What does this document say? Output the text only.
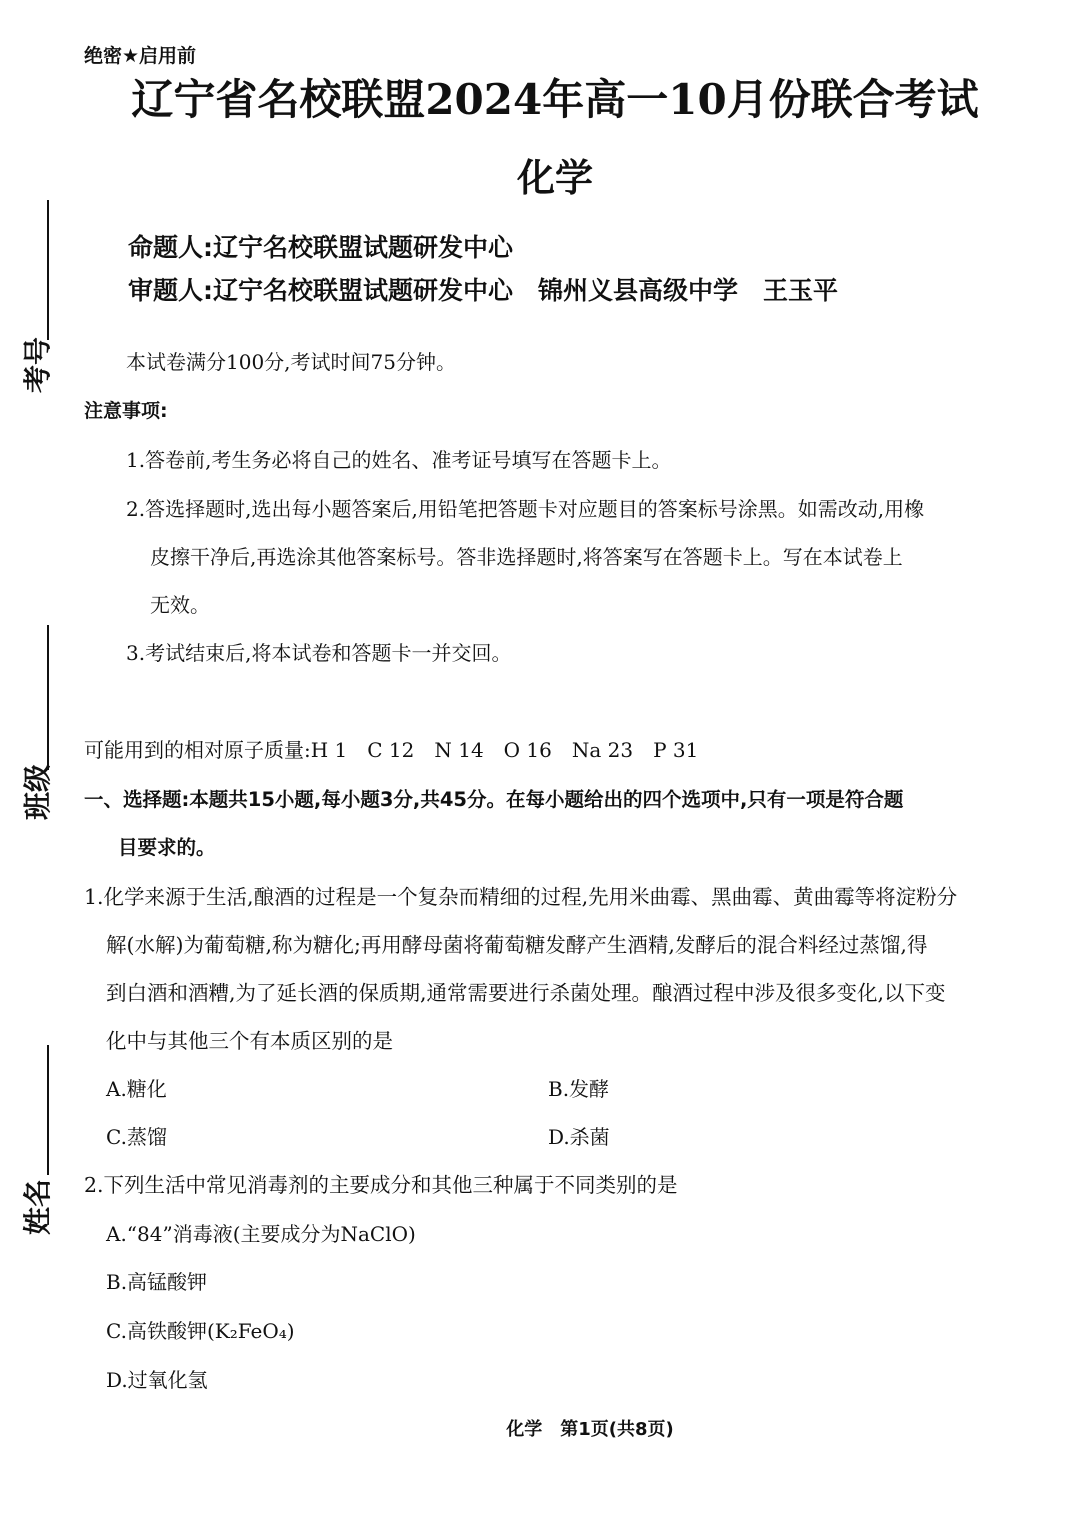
考号
班级
姓名
绝密★启用前
辽宁省名校联盟2024年高一10月份联合考试
化学
命题人:辽宁名校联盟试题研发中心
审题人:辽宁名校联盟试题研发中心　锦州义县高级中学　王玉平
本试卷满分100分,考试时间75分钟。
注意事项:
1.答卷前,考生务必将自己的姓名、准考证号填写在答题卡上。
2.答选择题时,选出每小题答案后,用铅笔把答题卡对应题目的答案标号涂黑。如需改动,用橡
皮擦干净后,再选涂其他答案标号。答非选择题时,将答案写在答题卡上。写在本试卷上
无效。
3.考试结束后,将本试卷和答题卡一并交回。
可能用到的相对原子质量:H 1　C 12　N 14　O 16　Na 23　P 31
一、选择题:本题共15小题,每小题3分,共45分。在每小题给出的四个选项中,只有一项是符合题
目要求的。
1.化学来源于生活,酿酒的过程是一个复杂而精细的过程,先用米曲霉、黑曲霉、黄曲霉等将淀粉分
解(水解)为葡萄糖,称为糖化;再用酵母菌将葡萄糖发酵产生酒精,发酵后的混合料经过蒸馏,得
到白酒和酒糟,为了延长酒的保质期,通常需要进行杀菌处理。酿酒过程中涉及很多变化,以下变
化中与其他三个有本质区别的是
A.糖化	B.发酵
C.蒸馏	D.杀菌
2.下列生活中常见消毒剂的主要成分和其他三种属于不同类别的是
A.“84”消毒液(主要成分为NaClO)
B.高锰酸钾
C.高铁酸钾(K₂FeO₄)
D.过氧化氢
化学　第1页(共8页)
